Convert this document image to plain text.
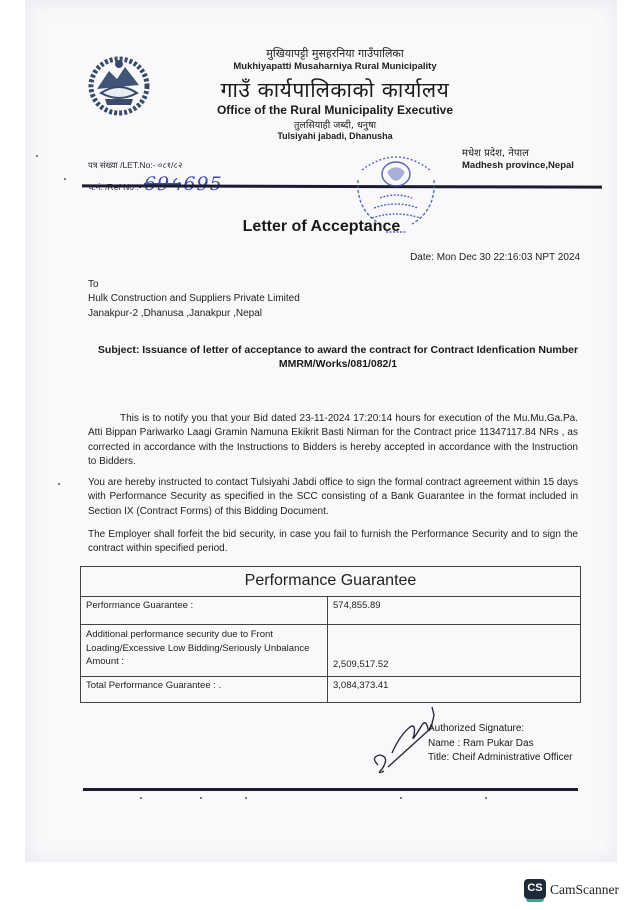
मुखियापट्टी मुसहरनिया गाउँपालिका
Mukhiyapatti Musaharniya Rural Municipality
गाउँ कार्यपालिकाको कार्यालय
Office of the Rural Municipality Executive
तुलसियाही जब्दी, धनुषा
Tulsiyahi jabadi, Dhanusha
मधेश प्रदेश, नेपाल
Madhesh province,Nepal
पत्र संख्या /LET.No:- ०८१/८२
Letter of Acceptance
Date: Mon Dec 30 22:16:03 NPT 2024
To
Hulk Construction and Suppliers Private Limited
Janakpur-2 ,Dhanusa ,Janakpur ,Nepal
Subject: Issuance of letter of acceptance to award the contract for Contract Idenfication Number
MMRM/Works/081/082/1
This is to notify you that your Bid dated 23-11-2024 17:20:14 hours for execution of the Mu.Mu.Ga.Pa. Atti Bippan Pariwarko Laagi Gramin Namuna Ekikrit Basti Nirman for the Contract price 11347117.84 NRs , as corrected in accordance with the Instructions to Bidders is hereby accepted in accordance with the Instruction to Bidders.
You are hereby instructed to contact Tulsiyahi Jabdi office to sign the formal contract agreement within 15 days with Performance Security as specified in the SCC consisting of a Bank Guarantee in the format included in Section IX (Contract Forms) of this Bidding Document.
The Employer shall forfeit the bid security, in case you fail to furnish the Performance Security and to sign the contract within specified period.
Performance Guarantee	
Performance Guarantee :	574,855.89
Additional performance security due to Front Loading/Excessive Low Bidding/Seriously Unbalance Amount :	2,509,517.52
Total Performance Guarantee : .	3,084,373.41
Authorized Signature:
Name : Ram Pukar Das
Title: Cheif Administrative Officer
CS CamScanner
